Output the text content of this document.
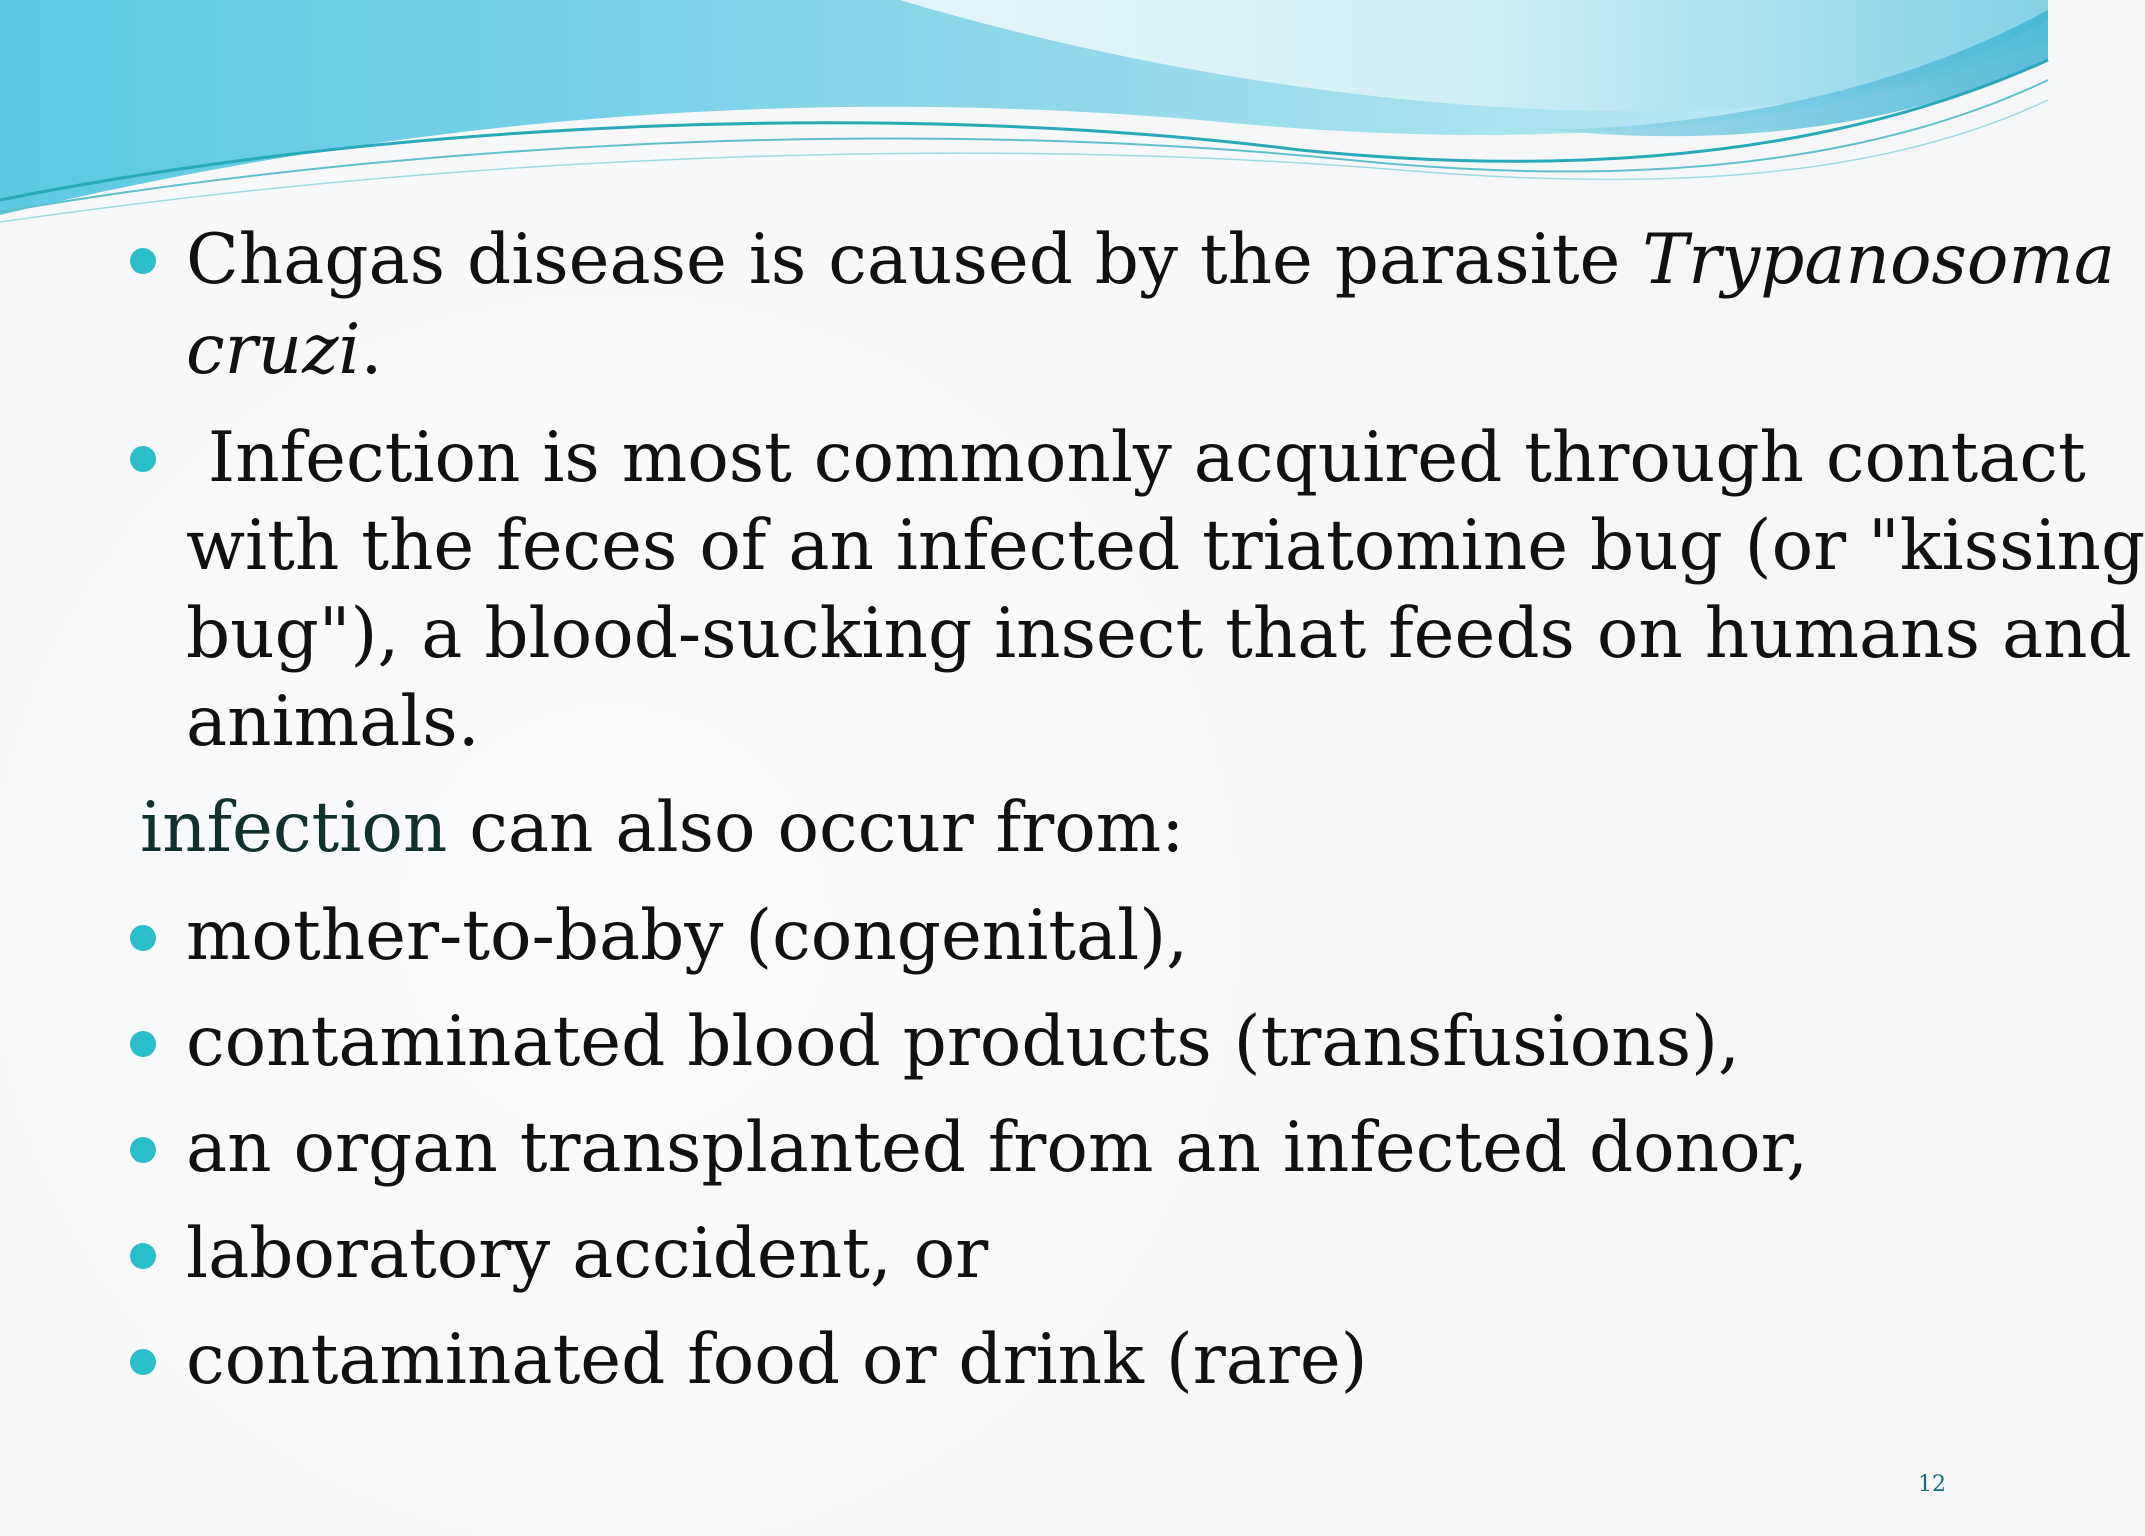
Chagas disease is caused by the parasite Trypanosoma
cruzi.
Infection is most commonly acquired through contact
with the feces of an infected triatomine bug (or "kissing
bug"), a blood-sucking insect that feeds on humans and
animals.
infection can also occur from:
mother-to-baby (congenital),
contaminated blood products (transfusions),
an organ transplanted from an infected donor,
laboratory accident, or
contaminated food or drink (rare)
12
